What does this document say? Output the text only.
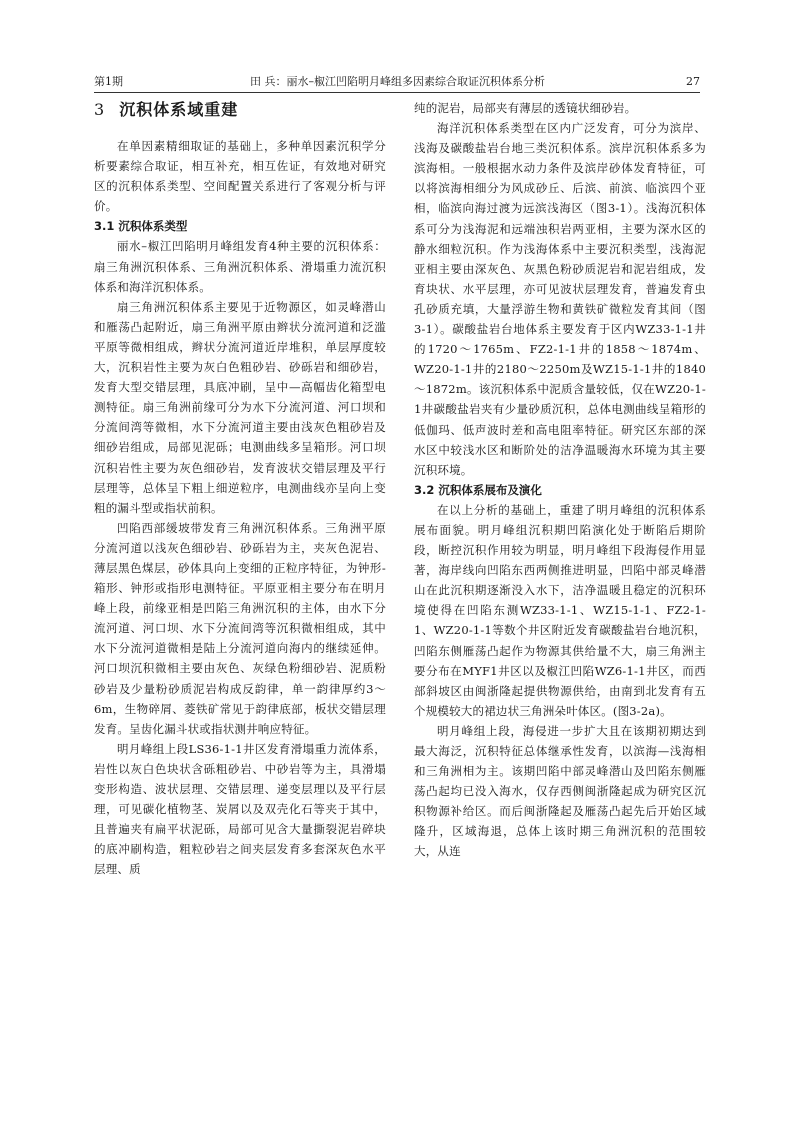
第1期	田 兵：丽水–椒江凹陷明月峰组多因素综合取证沉积体系分析	27
3 沉积体系域重建

在单因素精细取证的基础上，多种单因素沉积学分析要素综合取证，相互补充，相互佐证，有效地对研究区的沉积体系类型、空间配置关系进行了客观分析与评价。

3.1 沉积体系类型

丽水–椒江凹陷明月峰组发育4种主要的沉积体系：扇三角洲沉积体系、三角洲沉积体系、滑塌重力流沉积体系和海洋沉积体系。

扇三角洲沉积体系主要见于近物源区，如灵峰潜山和雁荡凸起附近，扇三角洲平原由辫状分流河道和泛滥平原等微相组成，辫状分流河道近岸堆积，单层厚度较大，沉积岩性主要为灰白色粗砂岩、砂砾岩和细砂岩，发育大型交错层理，具底冲刷，呈中—高幅齿化箱型电测特征。扇三角洲前缘可分为水下分流河道、河口坝和分流间湾等微相，水下分流河道主要由浅灰色粗砂岩及细砂岩组成，局部见泥砾；电测曲线多呈箱形。河口坝沉积岩性主要为灰色细砂岩，发育波状交错层理及平行层理等，总体呈下粗上细逆粒序，电测曲线亦呈向上变粗的漏斗型或指状前积。

凹陷西部缓坡带发育三角洲沉积体系。三角洲平原分流河道以浅灰色细砂岩、砂砾岩为主，夹灰色泥岩、薄层黑色煤层，砂体具向上变细的正粒序特征，为钟形-箱形、钟形或指形电测特征。平原亚相主要分布在明月峰上段，前缘亚相是凹陷三角洲沉积的主体，由水下分流河道、河口坝、水下分流间湾等沉积微相组成，其中水下分流河道微相是陆上分流河道向海内的继续延伸。河口坝沉积微相主要由灰色、灰绿色粉细砂岩、泥质粉砂岩及少量粉砂质泥岩构成反韵律，单一韵律厚约3～6m，生物碎屑、菱铁矿常见于韵律底部，板状交错层理发育。呈齿化漏斗状或指状测井响应特征。

明月峰组上段LS36-1-1井区发育滑塌重力流体系，岩性以灰白色块状含砾粗砂岩、中砂岩等为主，具滑塌变形构造、波状层理、交错层理、递变层理以及平行层理，可见碳化植物茎、炭屑以及双壳化石等夹于其中，且普遍夹有扁平状泥砾，局部可见含大量撕裂泥岩碎块的底冲刷构造，粗粒砂岩之间夹层发育多套深灰色水平层理、质

纯的泥岩，局部夹有薄层的透镜状细砂岩。

海洋沉积体系类型在区内广泛发育，可分为滨岸、浅海及碳酸盐岩台地三类沉积体系。滨岸沉积体系多为滨海相。一般根据水动力条件及滨岸砂体发育特征，可以将滨海相细分为风成砂丘、后滨、前滨、临滨四个亚相，临滨向海过渡为远滨浅海区（图3-1）。浅海沉积体系可分为浅海泥和远端浊积岩两亚相，主要为深水区的静水细粒沉积。作为浅海体系中主要沉积类型，浅海泥亚相主要由深灰色、灰黑色粉砂质泥岩和泥岩组成，发育块状、水平层理，亦可见波状层理发育，普遍发育虫孔砂质充填，大量浮游生物和黄铁矿微粒发育其间（图3-1）。碳酸盐岩台地体系主要发育于区内WZ33-1-1井的1720～1765m、FZ2-1-1井的1858～1874m、WZ20-1-1井的2180～2250m及WZ15-1-1井的1840～1872m。该沉积体系中泥质含量较低，仅在WZ20-1-1井碳酸盐岩夹有少量砂质沉积，总体电测曲线呈箱形的低伽玛、低声波时差和高电阻率特征。研究区东部的深水区中较浅水区和断阶处的洁净温暖海水环境为其主要沉积环境。

3.2 沉积体系展布及演化

在以上分析的基础上，重建了明月峰组的沉积体系展布面貌。明月峰组沉积期凹陷演化处于断陷后期阶段，断控沉积作用较为明显，明月峰组下段海侵作用显著，海岸线向凹陷东西两侧推进明显，凹陷中部灵峰潜山在此沉积期逐渐没入水下，洁净温暖且稳定的沉积环境使得在凹陷东测WZ33-1-1、WZ15-1-1、FZ2-1-1、WZ20-1-1等数个井区附近发育碳酸盐岩台地沉积，凹陷东侧雁荡凸起作为物源其供给量不大，扇三角洲主要分布在MYF1井区以及椒江凹陷WZ6-1-1井区，而西部斜坡区由闽浙隆起提供物源供给，由南到北发育有五个规模较大的裙边状三角洲朵叶体区。(图3-2a)。

明月峰组上段，海侵进一步扩大且在该期初期达到最大海泛，沉积特征总体继承性发育，以滨海—浅海相和三角洲相为主。该期凹陷中部灵峰潜山及凹陷东侧雁荡凸起均已没入海水，仅存西侧闽浙隆起成为研究区沉积物源补给区。而后闽浙隆起及雁荡凸起先后开始区域隆升，区域海退，总体上该时期三角洲沉积的范围较大，从连
